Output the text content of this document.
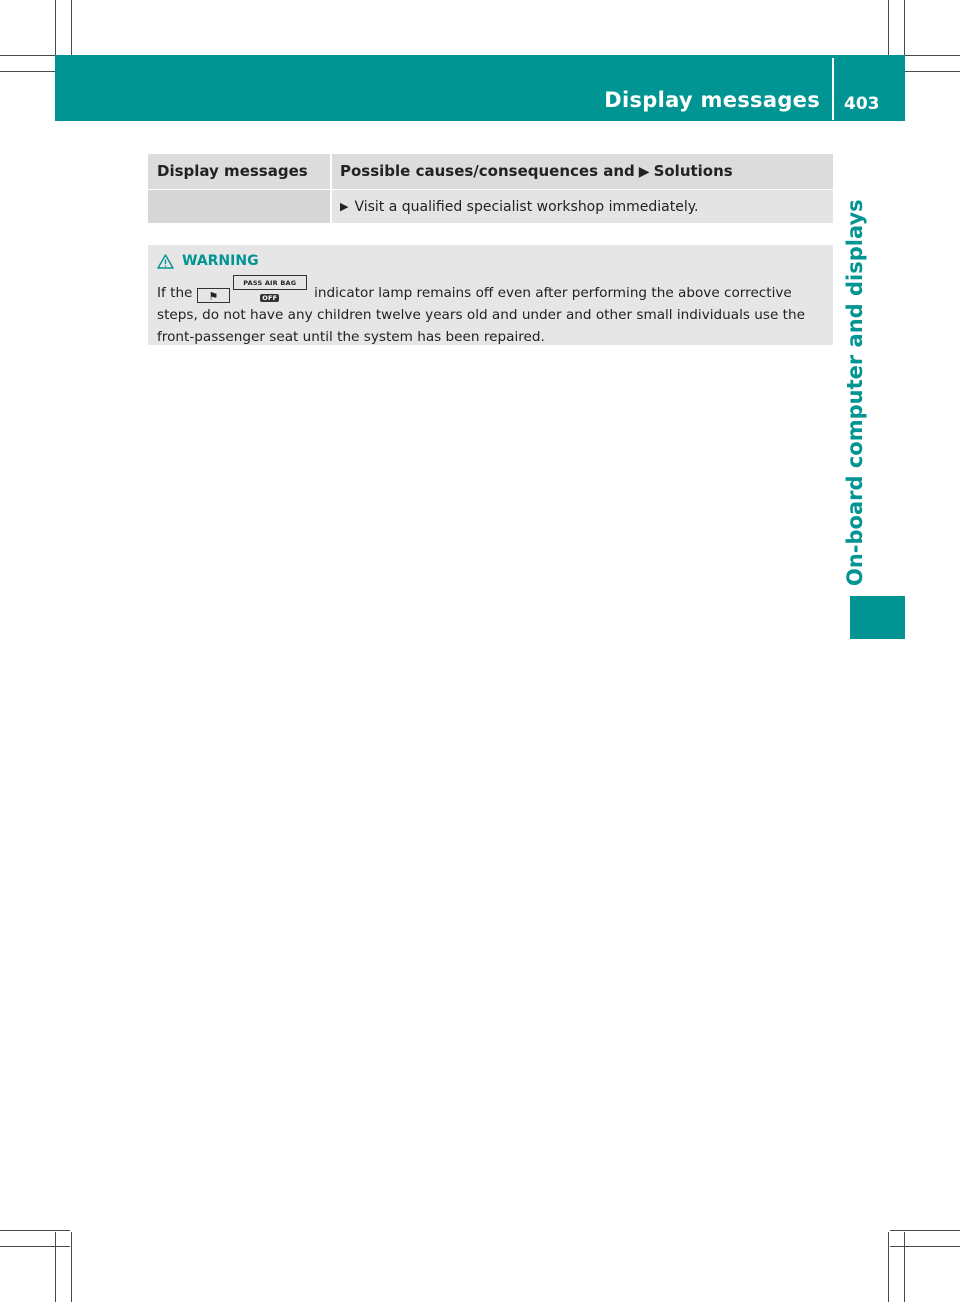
Display messages 403
On-board computer and displays
Display messages	Possible causes/consequences and ▶ Solutions
▶ Visit a qualified specialist workshop immediately.
WARNING
If the ⚑PASS AIR BAG OFF	indicator lamp remains off even after performing the above corrective steps, do not have any children twelve years old and under and other small individuals use the front-passenger seat until the system has been repaired.
